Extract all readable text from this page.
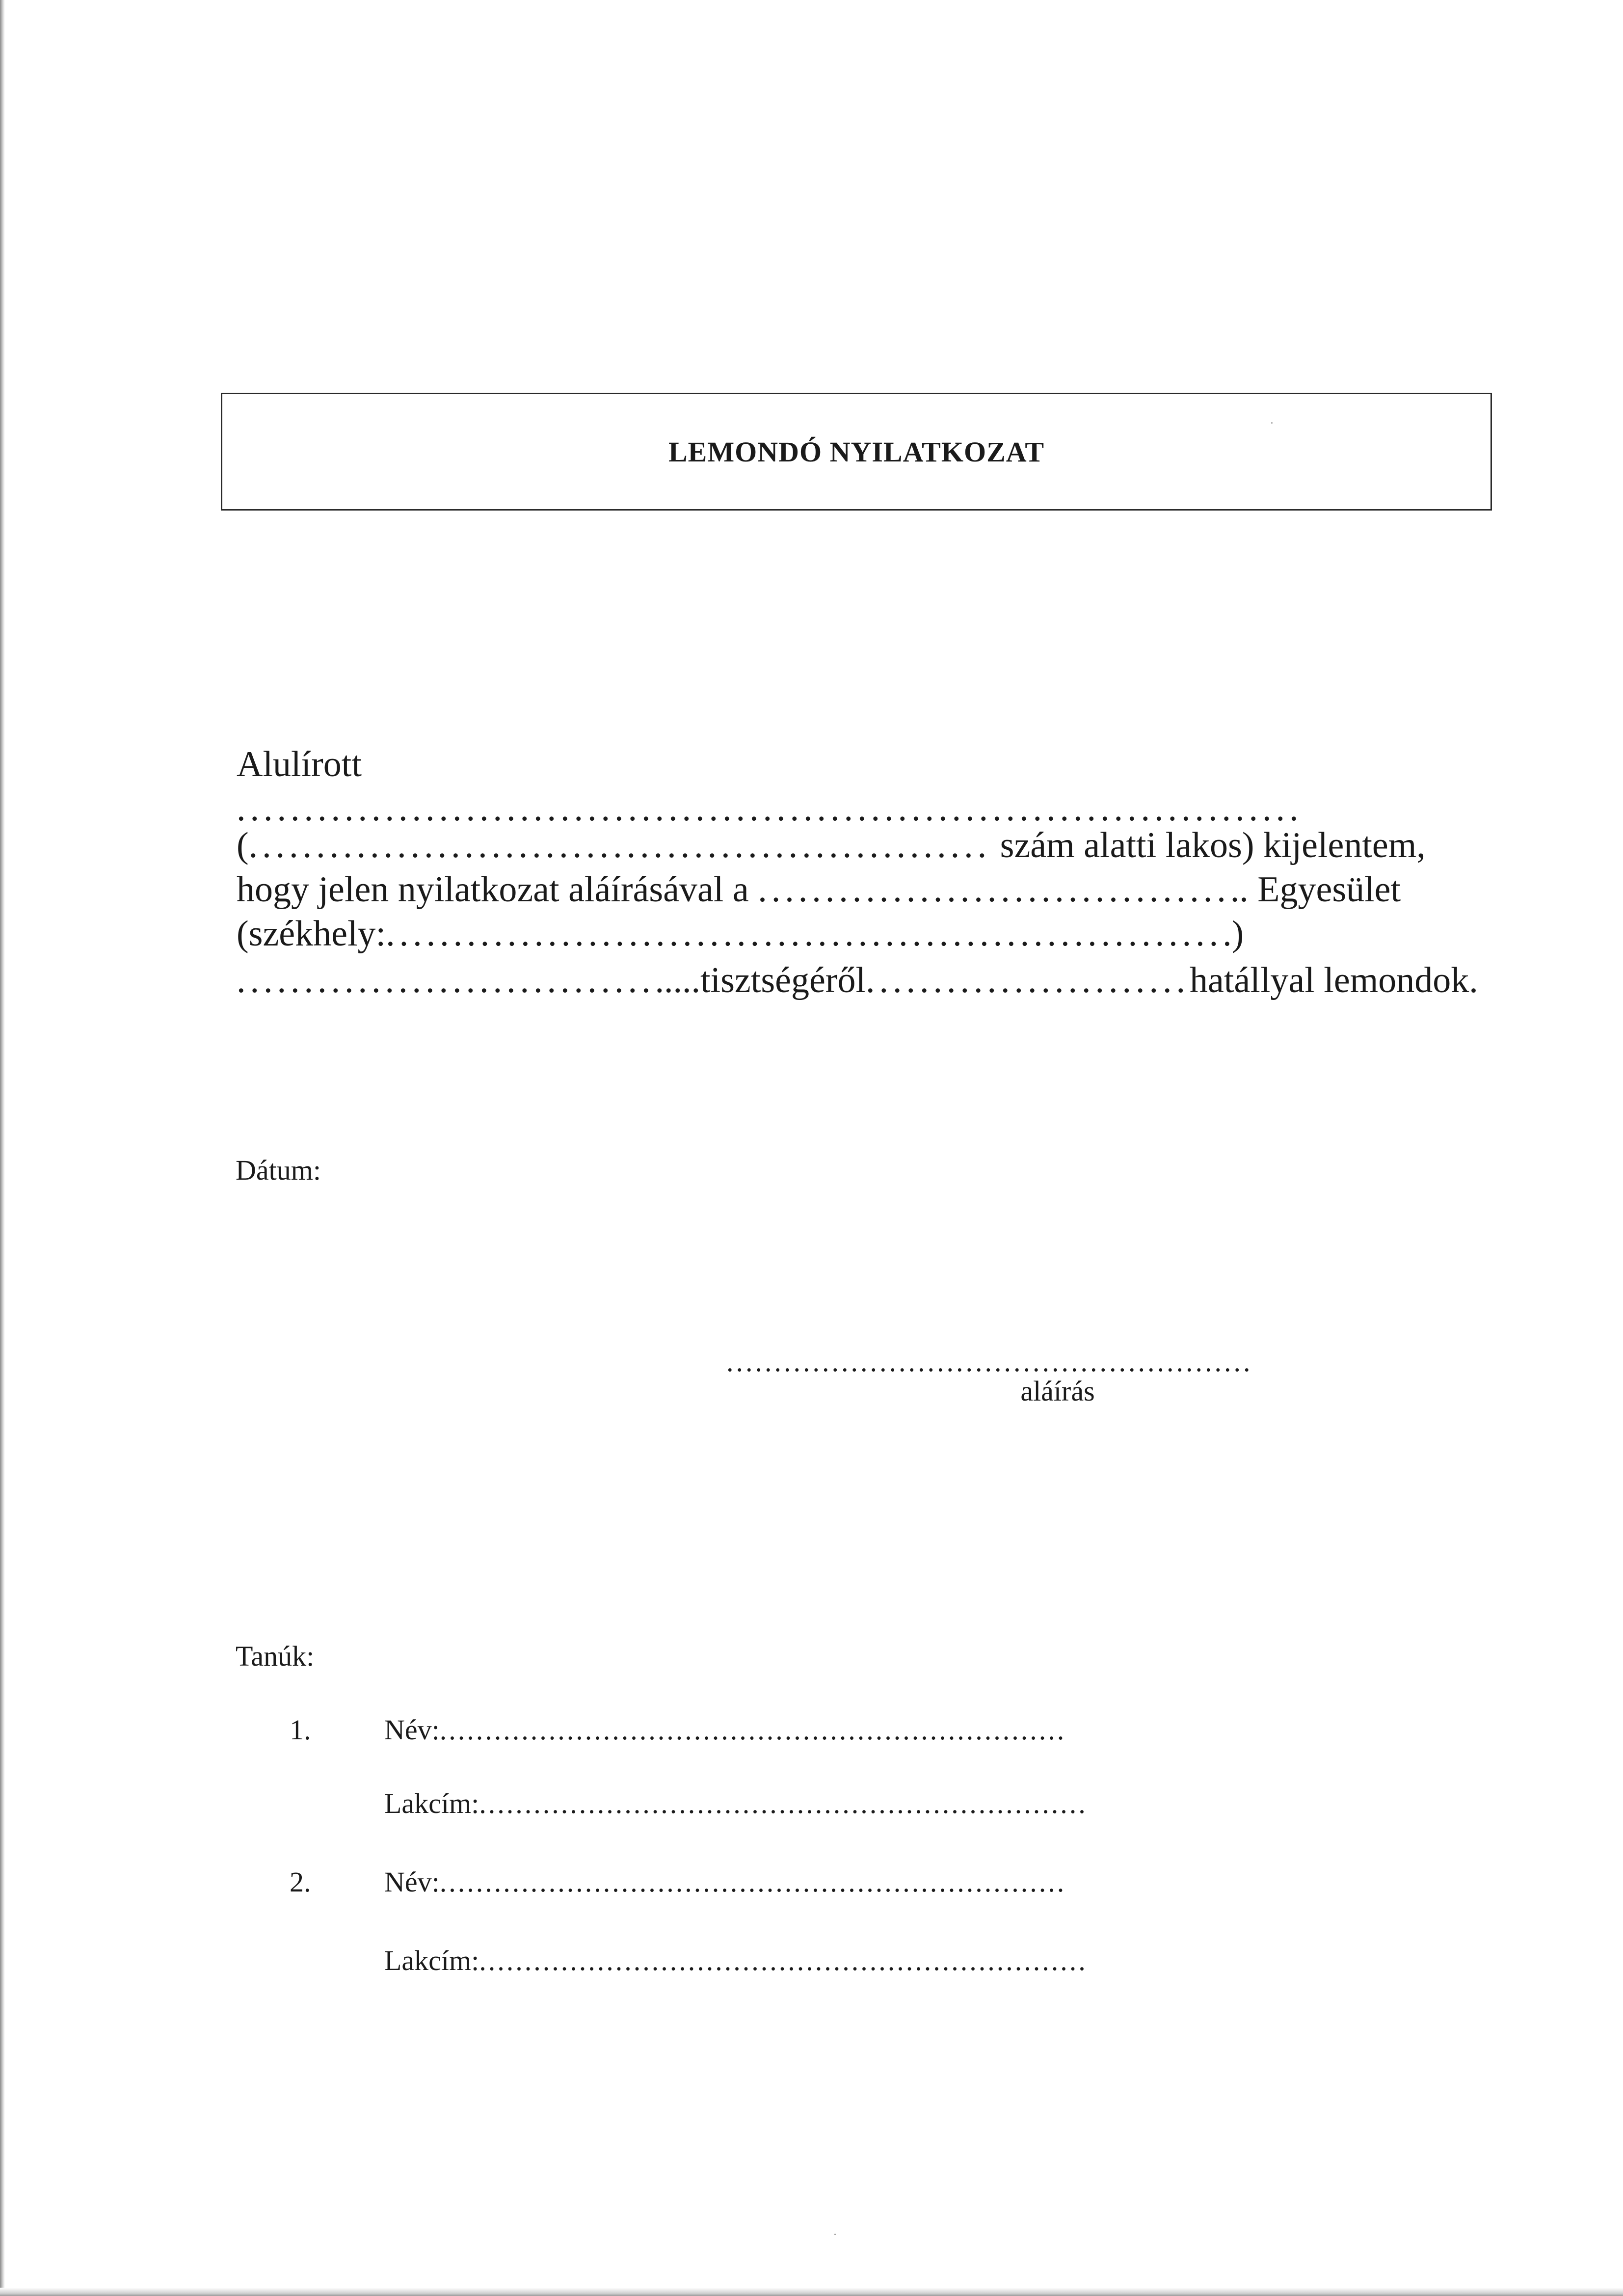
LEMONDÓ NYILATKOZAT
Alulírott
...............................................................................
(....................................................... szám alatti lakos) kijelentem,
hogy jelen nyilatkozat aláírásával a ..................................... Egyesület
(székhely:...............................................................)
....................................tisztségéről........................hatállyal lemondok.
Dátum:
.......................................................
aláírás
Tanúk:
1.	Név:.....................................................................
Lakcím:...................................................................
2.	Név:.....................................................................
Lakcím:...................................................................
